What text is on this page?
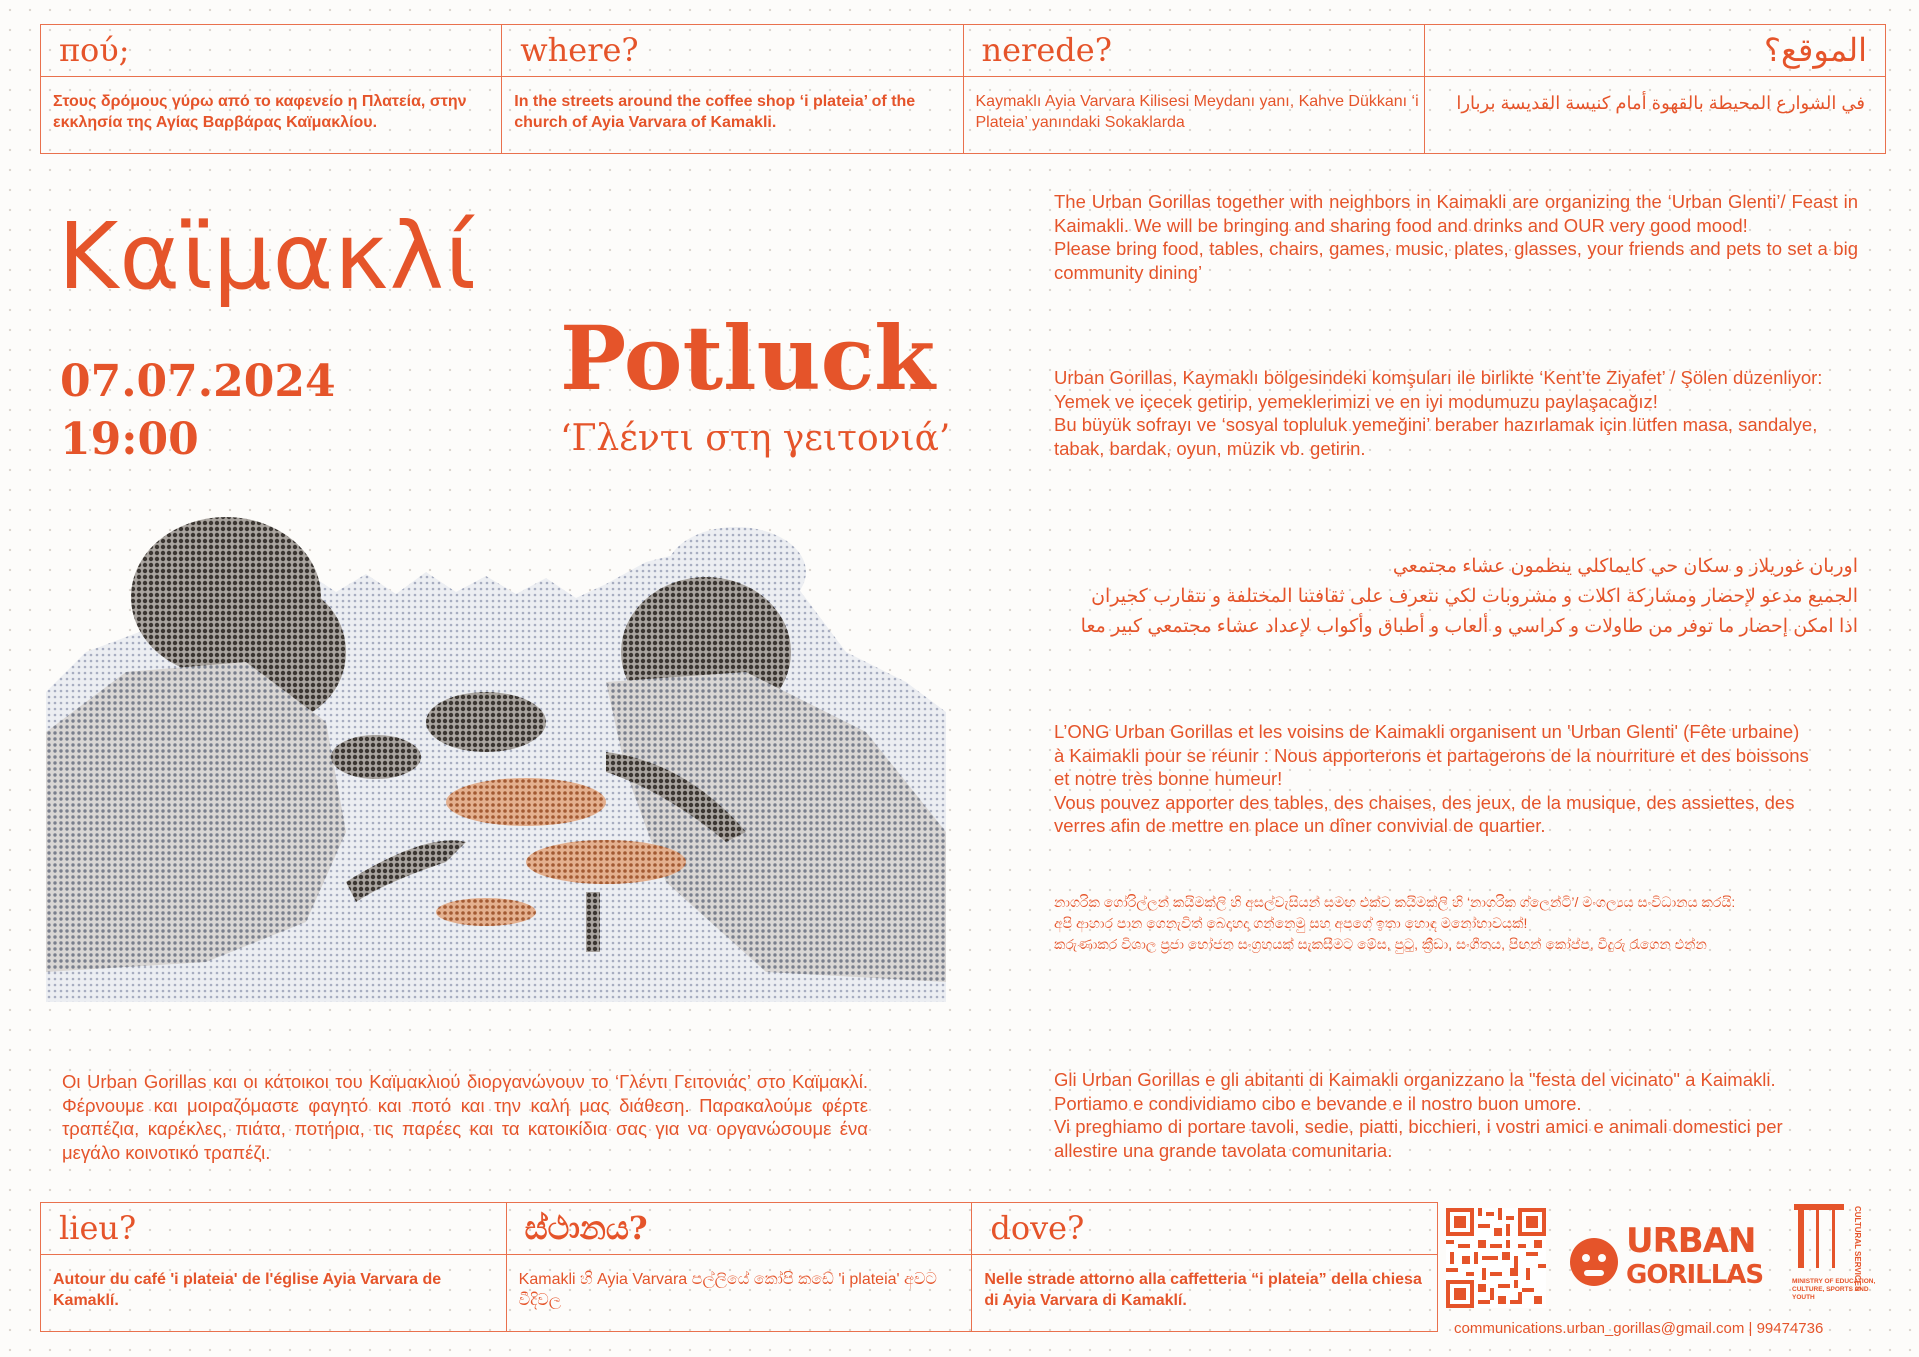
πού;
Στους δρόμους γύρω από το καφενείο η Πλατεία, στην εκκλησία της Αγίας Βαρβάρας Καϊμακλίου.
where?
In the streets around the coffee shop ‘i plateia’ of the church of Ayia Varvara of Kamakli.
nerede?
Kaymaklı Ayia Varvara Kilisesi Meydanı yanı, Kahve Dükkanı ‘i Plateia’ yanındaki Sokaklarda
الموقع؟
في الشوارع المحيطة بالقهوة أمام كنيسة القديسة بربارا
Καϊμακλί
07.07.2024
19:00
Potluck
‘Γλέντι στη γειτονιά’
The Urban Gorillas together with neighbors in Kaimakli are organizing the ‘Urban Glenti’/ Feast in Kaimakli. We will be bringing and sharing food and drinks and OUR very good mood!
Please bring food, tables, chairs, games, music, plates, glasses, your friends and pets to set a big community dining’
Urban Gorillas, Kaymaklı bölgesindeki komşuları ile birlikte ‘Kent’te Ziyafet’ / Şölen düzenliyor: Yemek ve içecek getirip, yemeklerimizi ve en iyi modumuzu paylaşacağız!
Bu büyük sofrayı ve ‘sosyal topluluk yemeğini’ beraber hazırlamak için lütfen masa, sandalye, tabak, bardak, oyun, müzik vb. getirin.
اوربان غوريلاز و سكان حي كايماكلي ينظمون عشاء مجتمعي
الجميع مدعو لإحضار ومشاركة اكلات و مشروبات لكي نتعرف على ثقافتنا المختلفة و نتقارب كجيران
اذا امكن إحضار ما توفر من طاولات و كراسي و ألعاب و أطباق وأكواب لإعداد عشاء مجتمعي كبير معا
L’ONG Urban Gorillas et les voisins de Kaimakli organisent un 'Urban Glenti' (Fête urbaine) à Kaimakli pour se réunir : Nous apporterons et partagerons de la nourriture et des boissons et notre très bonne humeur!
Vous pouvez apporter des tables, des chaises, des jeux, de la musique, des assiettes, des verres afin de mettre en place un dîner convivial de quartier.
නාගරික ගෝරිල්ලන් කයිමක්ලි හි අසල්වැසියන් සමඟ එක්ව කයිමක්ලි හි ‘නාගරික ග්ලෙන්ටි’/ මංගල්‍යය සංවිධානය කරයි:
අපි ආහාර පාන ගෙනැවිත් බෙදාහදා ගන්නෙමු සහ අපගේ ඉතා හොඳ මනෝභාවයක්!
කරුණාකර විශාල ප්‍රජා භෝජන සංග්‍රහයක් සැකසීමට මේස, පුටු, ක්‍රීඩා, සංගීතය, පිඟන් කෝප්ප, වීදුරු රැගෙන එන්න
Gli Urban Gorillas e gli abitanti di Kaimakli organizzano la "festa del vicinato" a Kaimakli. Portiamo e condividiamo cibo e bevande e il nostro buon umore.
Vi preghiamo di portare tavoli, sedie, piatti, bicchieri, i vostri amici e animali domestici per allestire una grande tavolata comunitaria.
Οι Urban Gorillas και οι κάτοικοι του Καϊμακλιού διοργανώνουν το ‘Γλέντι Γειτονιάς’ στο Καϊμακλί. Φέρνουμε και μοιραζόμαστε φαγητό και ποτό και την καλή μας διάθεση. Παρακαλούμε φέρτε τραπέζια, καρέκλες, πιάτα, ποτήρια, τις παρέες και τα κατοικίδια σας για να οργανώσουμε ένα μεγάλο κοινοτικό τραπέζι.
lieu?
Autour du café 'i plateia' de l'église Ayia Varvara de Kamaklí.
ස්ථානය?
Kamakli හි Ayia Varvara පල්ලියේ කෝපි කඩේ 'i plateia' අවට වීදිවල
dove?
Nelle strade attorno alla caffetteria “i plateia” della chiesa di Ayia Varvara di Kamaklí.
URBAN
GORILLAS	CULTURAL SERVICES
MINISTRY OF EDUCATION, CULTURE, SPORTS AND YOUTH
communications.urban_gorillas@gmail.com | 99474736
